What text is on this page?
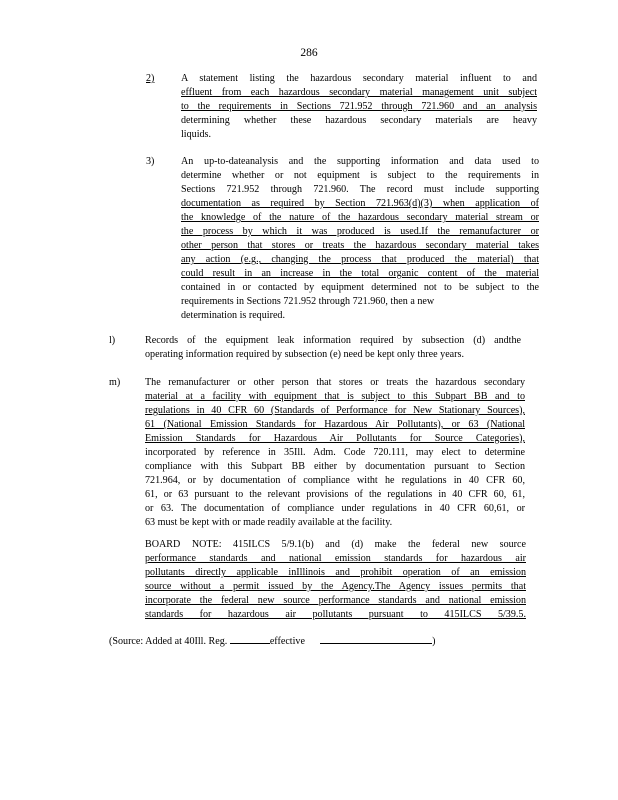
286
2)	A statement listing the hazardous secondary material influent to and
effluent from each hazardous secondary material management unit subject
to the requirements in Sections 721.952 through 721.960 and an analysis
determining whether these hazardous secondary materials are heavy
liquids.
3)	An up-to-dateanalysis and the supporting information and data used to
determine whether or not equipment is subject to the requirements in
Sections 721.952 through 721.960. The record must include supporting
documentation as required by Section 721.963(d)(3) when application of
the knowledge of the nature of the hazardous secondary material stream or
the process by which it was produced is used.If the remanufacturer or
other person that stores or treats the hazardous secondary material takes
any action (e.g., changing the process that produced the material) that
could result in an increase in the total organic content of the material
contained in or contacted by equipment determined not to be subject to the
requirements in Sections 721.952 through 721.960, then a new
determination is required.
l)	Records of the equipment leak information required by subsection (d) andthe
operating information required by subsection (e) need be kept only three years.
m) The remanufacturer or other person that stores or treats the hazardous secondary
material at a facility with equipment that is subject to this Subpart BB and to
regulations in 40 CFR 60 (Standards of Performance for New Stationary Sources),
61 (National Emission Standards for Hazardous Air Pollutants), or 63 (National
Emission Standards for Hazardous Air Pollutants for Source Categories),
incorporated by reference in 35Ill. Adm. Code 720.111, may elect to determine
compliance with this Subpart BB either by documentation pursuant to Section
721.964, or by documentation of compliance witht he regulations in 40 CFR 60,
61, or 63 pursuant to the relevant provisions of the regulations in 40 CFR 60, 61,
or 63. The documentation of compliance under regulations in 40 CFR 60,61, or
63 must be kept with or made readily available at the facility.
BOARD NOTE: 415ILCS 5/9.1(b) and (d) make the federal new source
performance standards and national emission standards for hazardous air
pollutants directly applicable inIllinois and prohibit operation of an emission
source without a permit issued by the Agency.The Agency issues permits that
incorporate the federal new source performance standards and national emission
standards for hazardous air pollutants pursuant to 415ILCS 5/39.5.
(Source: Added at 40Ill. Reg.	effective	)
